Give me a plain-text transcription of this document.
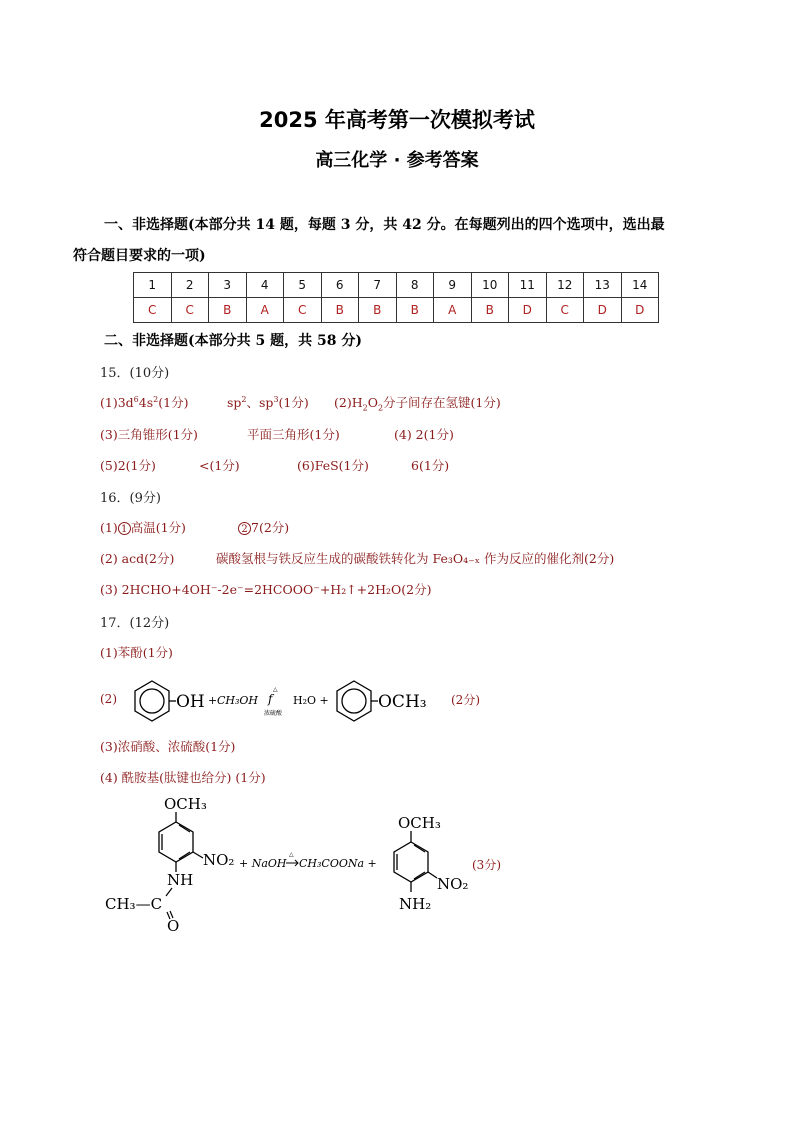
2025 年高考第一次模拟考试
高三化学 · 参考答案
一、非选择题(本部分共 14 题，每题 3 分，共 42 分。在每题列出的四个选项中，选出最
符合题目要求的一项)
1	2	3	4	5	6	7	8	9	10	11	12	13	14
C	C	B	A	C	B	B	B	A	B	D	C	D	D
二、非选择题(本部分共 5 题，共 58 分)
15．(10分)
$(1)3d^64s^2(1$分)	$sp^2$、$sp^3(1$分) $(2)H_2O_2$分子间存在氢键(1分)
(3)三角锥形(1分)	平面三角形(1分)	(4) 2(1分)
(5)2(1分)	<(1分)	(6)FeS(1分)	6(1分)
16．(9分)
(1) 1 高温(1分)	2 7(2分)
(2) acd(2分)	碳酸氢根与铁反应生成的碳酸铁转化为 Fe₃O₄₋ₓ 作为反应的催化剂(2分)
(3) 2HCHO+4OH⁻-2e⁻=2HCOOO⁻+H₂↑+2H₂O(2分)
17．(12分)
(1)苯酚(1分)
(2)	OH + CH₃OH
△
f
浓硫酸
H₂O +	OCH₃ (2分)
(3)浓硝酸、浓硫酸(1分)
(4) 酰胺基(肽键也给分) (1分)
OCH₃
NO₂
NH
CH₃—C
O
+ NaOH
△
CH₃COONa +
OCH₃
NO₂
NH₂
(3分)
